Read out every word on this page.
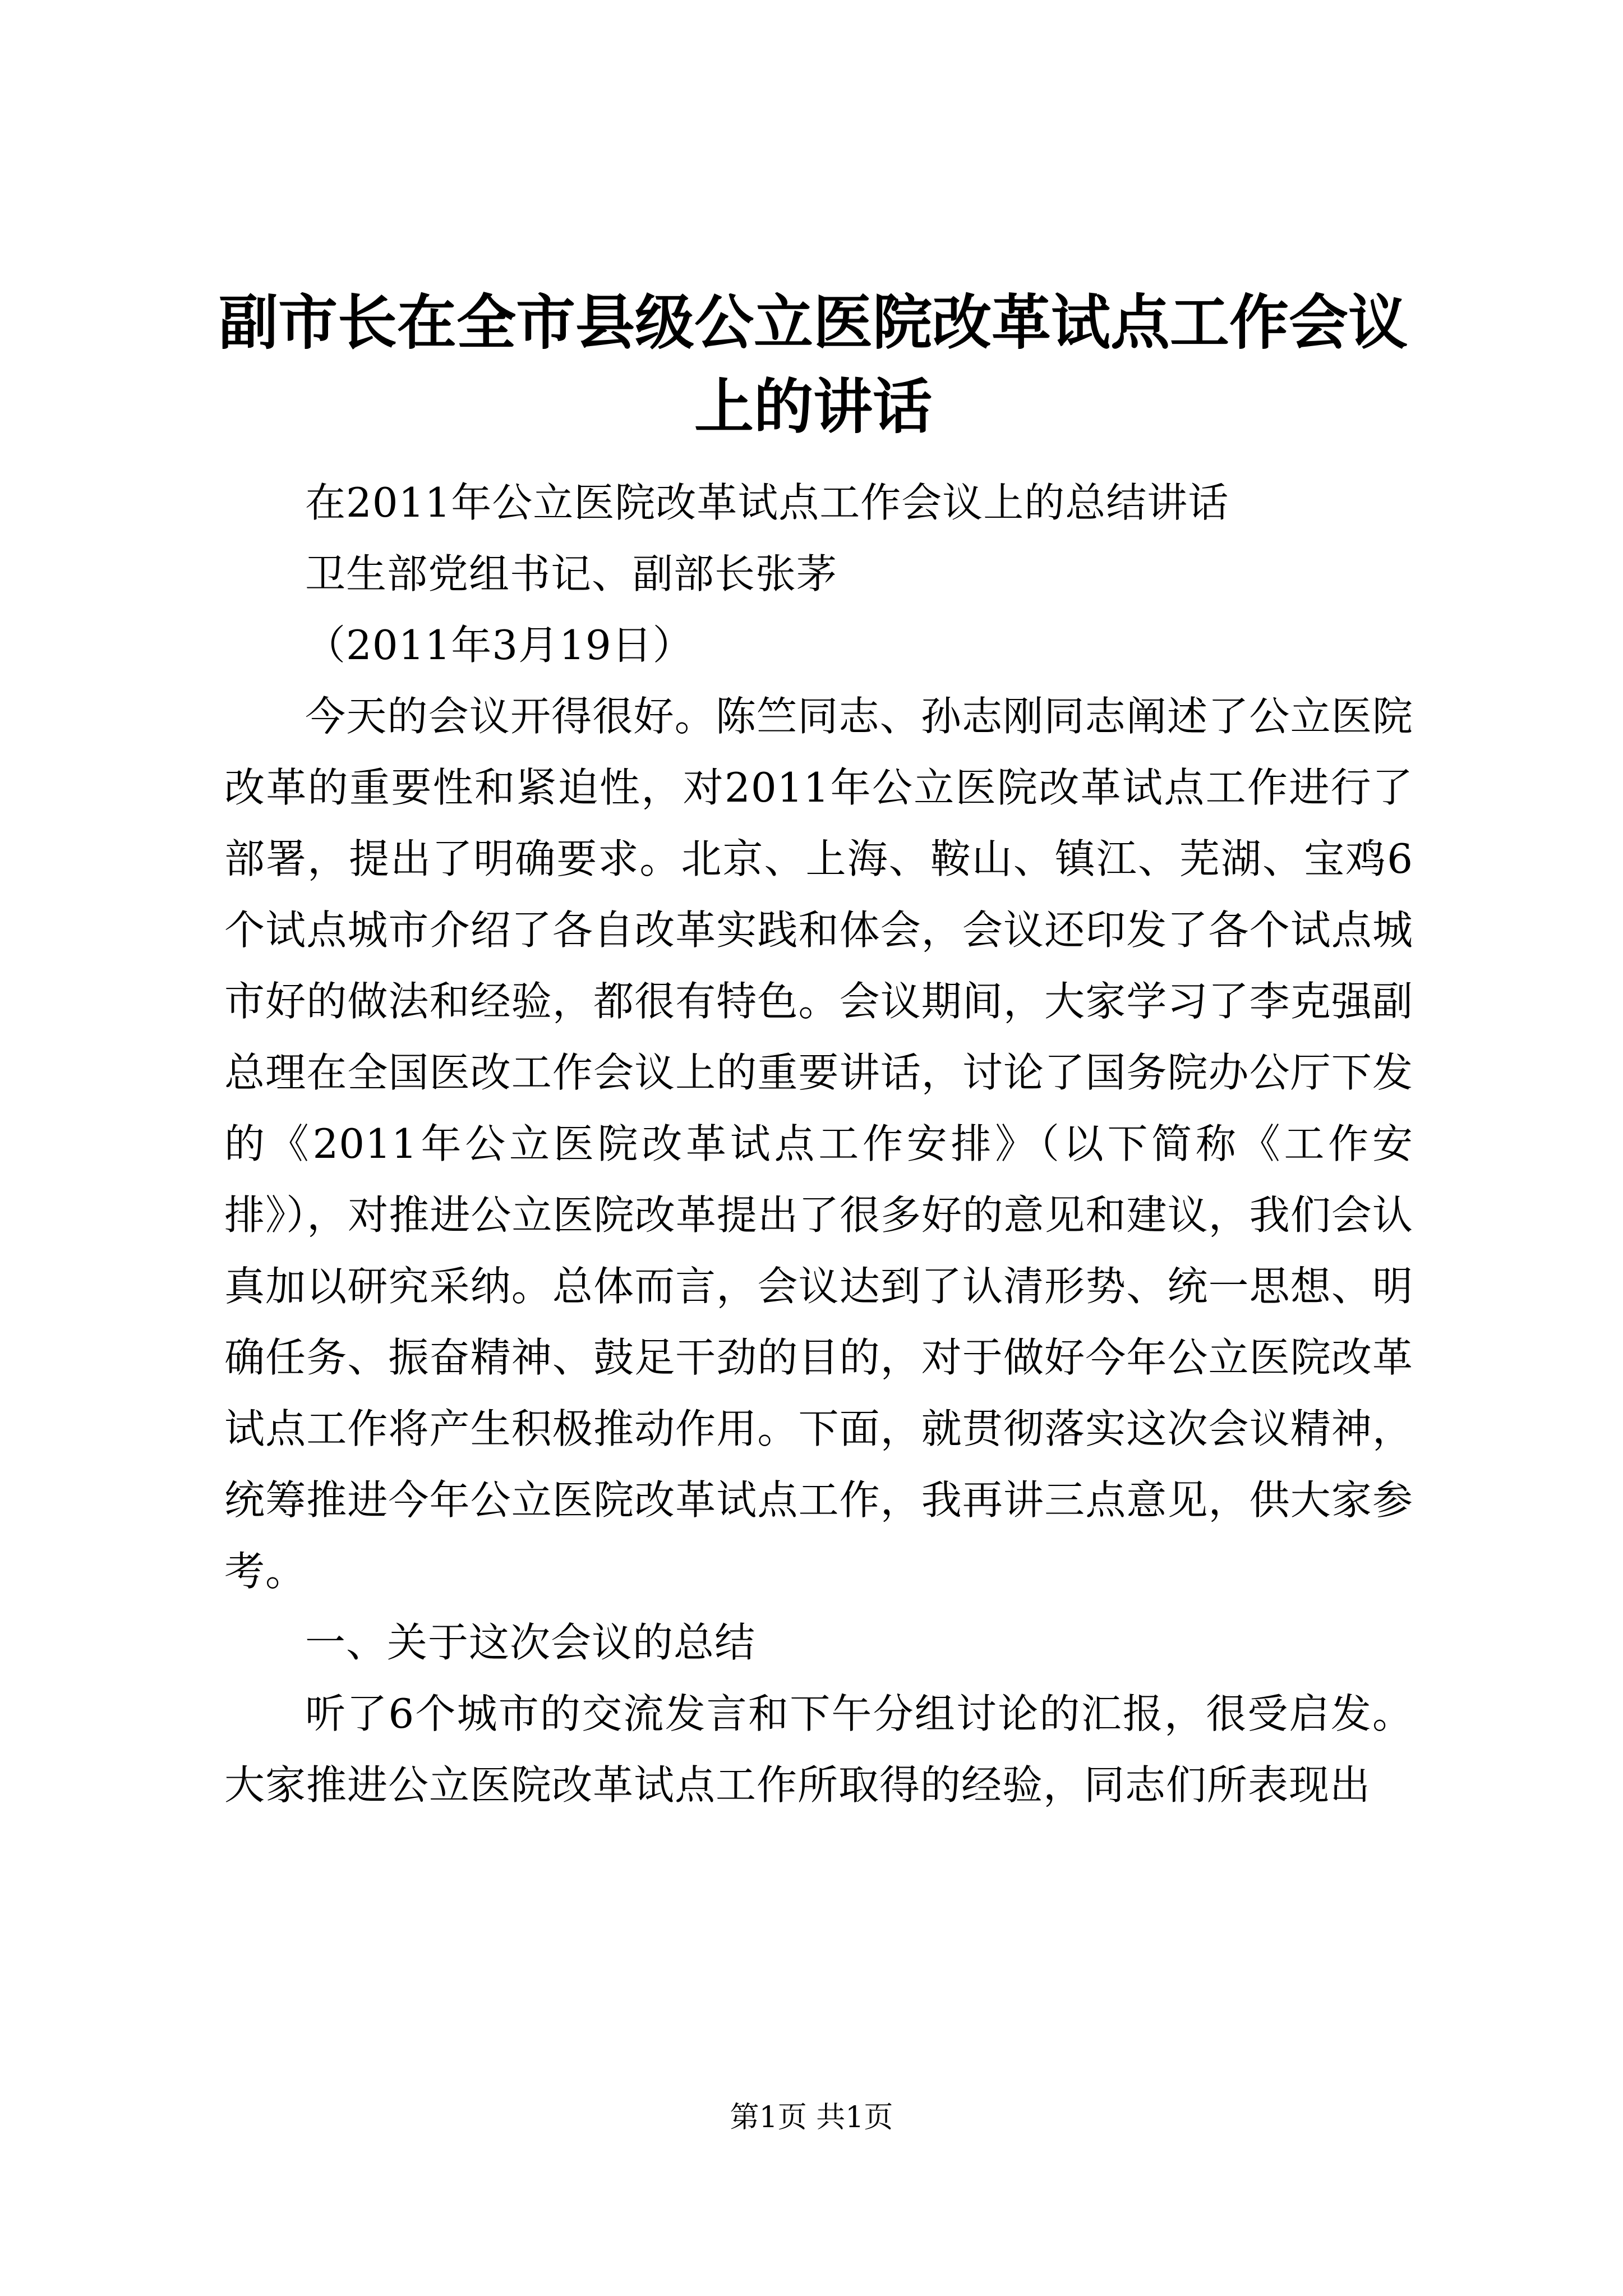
副市长在全市县级公立医院改革试点工作会议
上的讲话

在2011年公立医院改革试点工作会议上的总结讲话

卫生部党组书记、副部长张茅

（2011年3月19日）

今天的会议开得很好。陈竺同志、孙志刚同志阐述了公立医院改革的重要性和紧迫性，对2011年公立医院改革试点工作进行了部署，提出了明确要求。北京、上海、鞍山、镇江、芜湖、宝鸡6个试点城市介绍了各自改革实践和体会，会议还印发了各个试点城市好的做法和经验，都很有特色。会议期间，大家学习了李克强副总理在全国医改工作会议上的重要讲话，讨论了国务院办公厅下发的《2011年公立医院改革试点工作安排》（以下简称《工作安排》），对推进公立医院改革提出了很多好的意见和建议，我们会认真加以研究采纳。总体而言，会议达到了认清形势、统一思想、明确任务、振奋精神、鼓足干劲的目的，对于做好今年公立医院改革试点工作将产生积极推动作用。下面，就贯彻落实这次会议精神，统筹推进今年公立医院改革试点工作，我再讲三点意见，供大家参考。

一、关于这次会议的总结

听了6个城市的交流发言和下午分组讨论的汇报，很受启发。大家推进公立医院改革试点工作所取得的经验，同志们所表现出

第1页 共1页
